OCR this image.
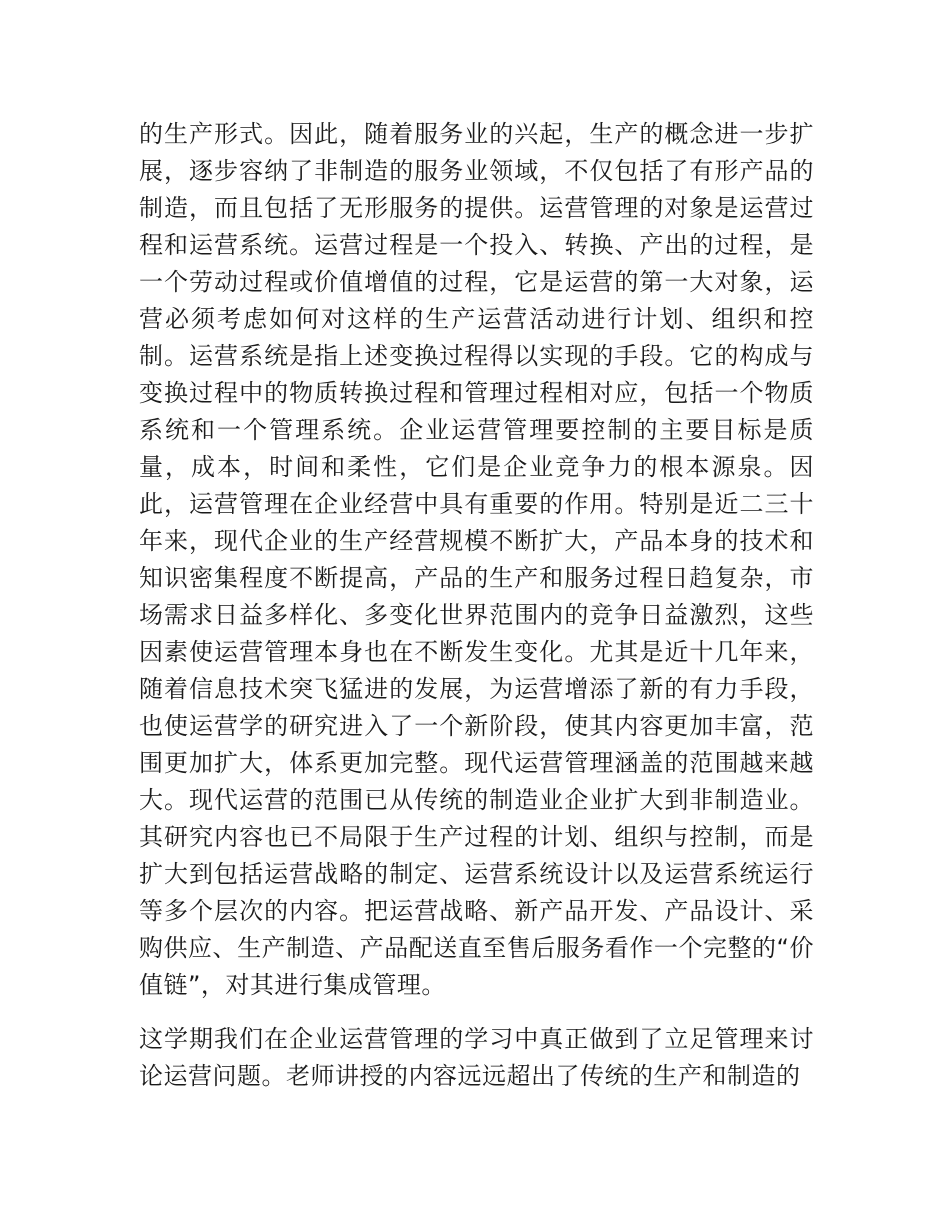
的生产形式。因此，随着服务业的兴起，生产的概念进一步扩展，逐步容纳了非制造的服务业领域，不仅包括了有形产品的制造，而且包括了无形服务的提供。运营管理的对象是运营过程和运营系统。运营过程是一个投入、转换、产出的过程，是一个劳动过程或价值增值的过程，它是运营的第一大对象，运营必须考虑如何对这样的生产运营活动进行计划、组织和控制。运营系统是指上述变换过程得以实现的手段。它的构成与变换过程中的物质转换过程和管理过程相对应，包括一个物质系统和一个管理系统。企业运营管理要控制的主要目标是质量，成本，时间和柔性，它们是企业竞争力的根本源泉。因此，运营管理在企业经营中具有重要的作用。特别是近二三十年来，现代企业的生产经营规模不断扩大，产品本身的技术和知识密集程度不断提高，产品的生产和服务过程日趋复杂，市场需求日益多样化、多变化世界范围内的竞争日益激烈，这些因素使运营管理本身也在不断发生变化。尤其是近十几年来，随着信息技术突飞猛进的发展，为运营增添了新的有力手段，也使运营学的研究进入了一个新阶段，使其内容更加丰富，范围更加扩大，体系更加完整。现代运营管理涵盖的范围越来越大。现代运营的范围已从传统的制造业企业扩大到非制造业。其研究内容也已不局限于生产过程的计划、组织与控制，而是扩大到包括运营战略的制定、运营系统设计以及运营系统运行等多个层次的内容。把运营战略、新产品开发、产品设计、采购供应、生产制造、产品配送直至售后服务看作一个完整的“价值链”，对其进行集成管理。

这学期我们在企业运营管理的学习中真正做到了立足管理来讨论运营问题。老师讲授的内容远远超出了传统的生产和制造的
